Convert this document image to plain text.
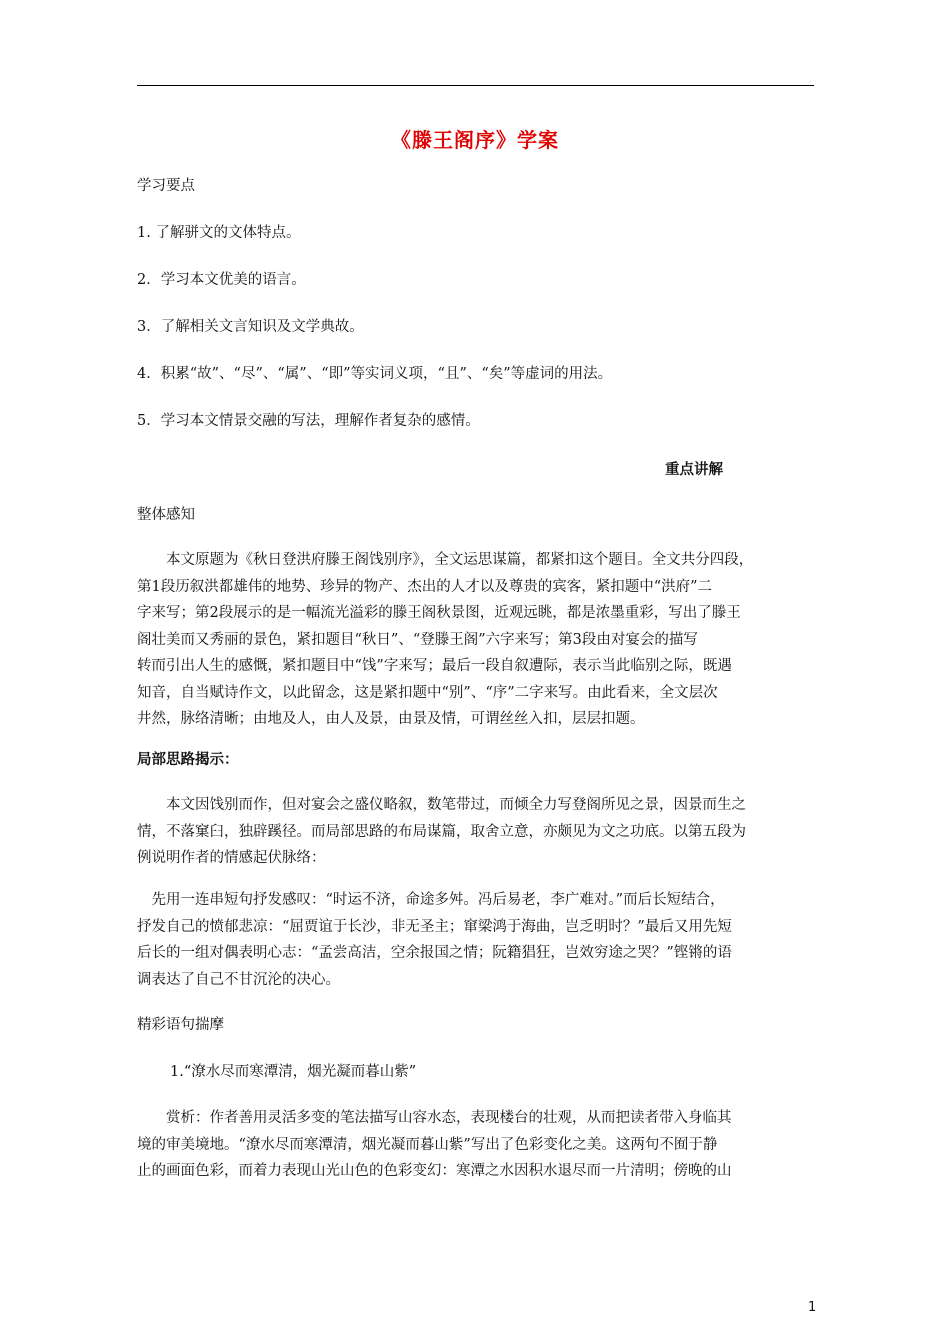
《滕王阁序》学案
学习要点
1. 了解骈文的文体特点。
2．学习本文优美的语言。
3．了解相关文言知识及文学典故。
4．积累“故”、“尽”、“属”、“即”等实词义项，“且”、“矣”等虚词的用法。
5．学习本文情景交融的写法，理解作者复杂的感情。
重点讲解
整体感知
本文原题为《秋日登洪府滕王阁饯别序》，全文运思谋篇，都紧扣这个题目。全文共分四段，
第1段历叙洪都雄伟的地势、珍异的物产、杰出的人才以及尊贵的宾客，紧扣题中“洪府”二
字来写；第2段展示的是一幅流光溢彩的滕王阁秋景图，近观远眺，都是浓墨重彩，写出了滕王
阁壮美而又秀丽的景色，紧扣题目“秋日”、“登滕王阁”六字来写；第3段由对宴会的描写
转而引出人生的感慨，紧扣题目中“饯”字来写；最后一段自叙遭际，表示当此临别之际，既遇
知音，自当赋诗作文，以此留念，这是紧扣题中“别”、“序”二字来写。由此看来，全文层次
井然，脉络清晰；由地及人，由人及景，由景及情，可谓丝丝入扣，层层扣题。
局部思路揭示：
本文因饯别而作，但对宴会之盛仪略叙，数笔带过，而倾全力写登阁所见之景，因景而生之
情，不落窠臼，独辟蹊径。而局部思路的布局谋篇，取舍立意，亦颇见为文之功底。以第五段为
例说明作者的情感起伏脉络：
先用一连串短句抒发感叹：“时运不济，命途多舛。冯后易老，李广难对。”而后长短结合，
抒发自己的愤郁悲凉：“屈贾谊于长沙，非无圣主；窜梁鸿于海曲，岂乏明时？”最后又用先短
后长的一组对偶表明心志：“孟尝高洁，空余报国之情；阮籍猖狂，岂效穷途之哭？”铿锵的语
调表达了自己不甘沉沦的决心。
精彩语句揣摩
1.“潦水尽而寒潭清，烟光凝而暮山紫”
赏析：作者善用灵活多变的笔法描写山容水态，表现楼台的壮观，从而把读者带入身临其
境的审美境地。“潦水尽而寒潭清，烟光凝而暮山紫”写出了色彩变化之美。这两句不囿于静
止的画面色彩，而着力表现山光山色的色彩变幻：寒潭之水因积水退尽而一片清明；傍晚的山
1
